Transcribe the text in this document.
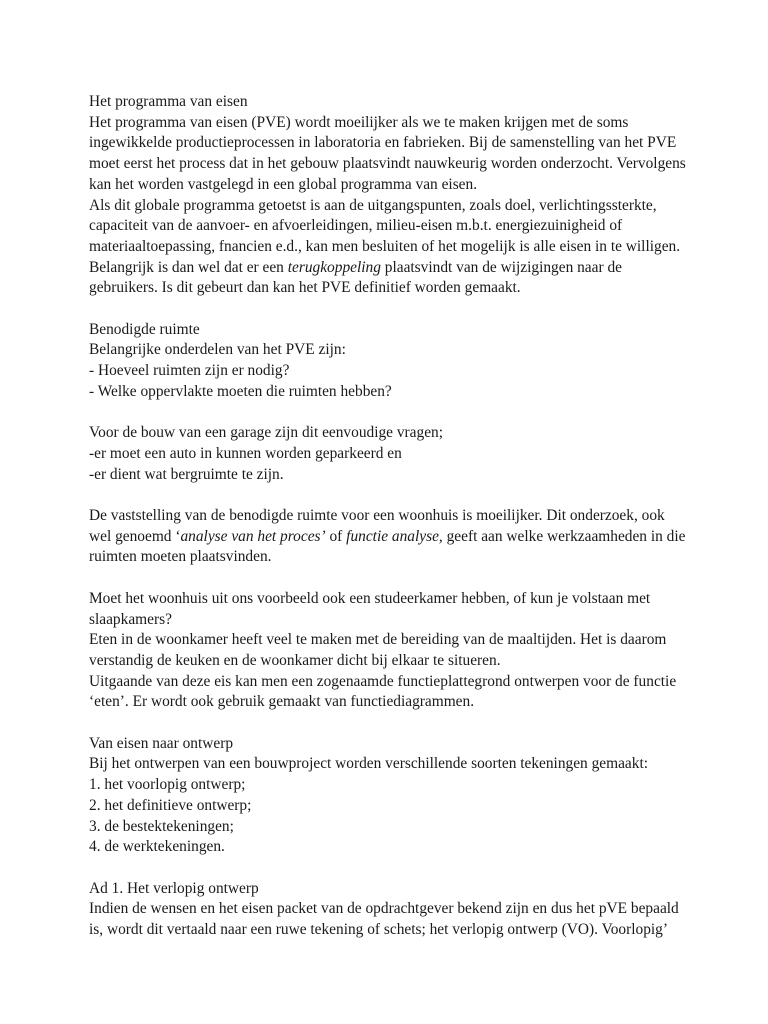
Het programma van eisen

Het programma van eisen (PVE) wordt moeilijker als we te maken krijgen met de soms

ingewikkelde productieprocessen in laboratoria en fabrieken. Bij de samenstelling van het PVE

moet eerst het process dat in het gebouw plaatsvindt nauwkeurig worden onderzocht. Vervolgens

kan het worden vastgelegd in een global programma van eisen.

Als dit globale programma getoetst is aan de uitgangspunten, zoals doel, verlichtingssterkte,

capaciteit van de aanvoer- en afvoerleidingen, milieu-eisen m.b.t. energiezuinigheid of

materiaaltoepassing, fnancien e.d., kan men besluiten of het mogelijk is alle eisen in te willigen.

Belangrijk is dan wel dat er een terugkoppeling plaatsvindt van de wijzigingen naar de

gebruikers. Is dit gebeurt dan kan het PVE definitief worden gemaakt.

Benodigde ruimte

Belangrijke onderdelen van het PVE zijn:

- Hoeveel ruimten zijn er nodig?

- Welke oppervlakte moeten die ruimten hebben?

Voor de bouw van een garage zijn dit eenvoudige vragen;

-er moet een auto in kunnen worden geparkeerd en

-er dient wat bergruimte te zijn.

De vaststelling van de benodigde ruimte voor een woonhuis is moeilijker. Dit onderzoek, ook

wel genoemd ‘analyse van het proces’ of functie analyse, geeft aan welke werkzaamheden in die

ruimten moeten plaatsvinden.

Moet het woonhuis uit ons voorbeeld ook een studeerkamer hebben, of kun je volstaan met

slaapkamers?

Eten in de woonkamer heeft veel te maken met de bereiding van de maaltijden. Het is daarom

verstandig de keuken en de woonkamer dicht bij elkaar te situeren.

Uitgaande van deze eis kan men een zogenaamde functieplattegrond ontwerpen voor de functie

‘eten’. Er wordt ook gebruik gemaakt van functiediagrammen.

Van eisen naar ontwerp

Bij het ontwerpen van een bouwproject worden verschillende soorten tekeningen gemaakt:

1. het voorlopig ontwerp;

2. het definitieve ontwerp;

3. de bestektekeningen;

4. de werktekeningen.

Ad 1. Het verlopig ontwerp

Indien de wensen en het eisen packet van de opdrachtgever bekend zijn en dus het pVE bepaald

is, wordt dit vertaald naar een ruwe tekening of schets; het verlopig ontwerp (VO). Voorlopig’
